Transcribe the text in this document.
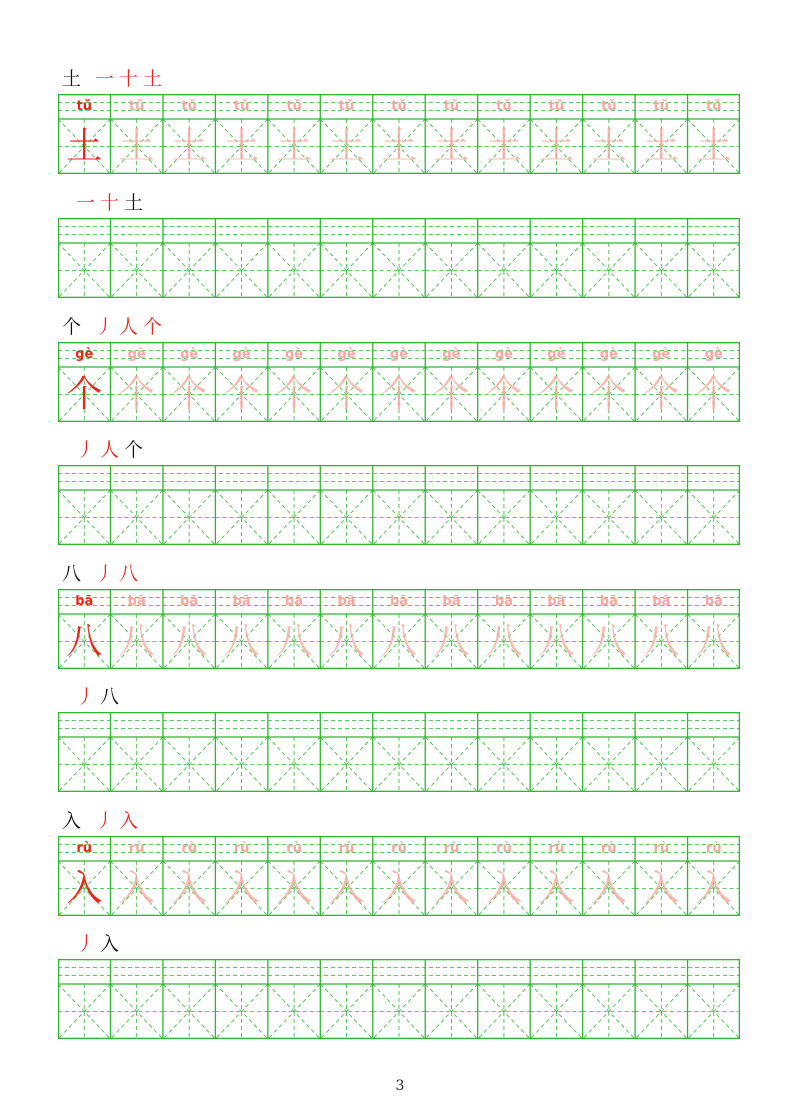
土 一 十 土
tǔ
土
tǔ
土
tǔ
土
tǔ
土
tǔ
土
tǔ
土
tǔ
土
tǔ
土
tǔ
土
tǔ
土
tǔ
土
tǔ
土
tǔ
土
一 十 土
个 丿 人 个
gè
个
gè
个
gè
个
gè
个
gè
个
gè
个
gè
个
gè
个
gè
个
gè
个
gè
个
gè
个
gè
个
丿 人 个
八 丿 八
bā
八
bā
八
bā
八
bā
八
bā
八
bā
八
bā
八
bā
八
bā
八
bā
八
bā
八
bā
八
bā
八
丿 八
入 丿 入
rù
入
rù
入
rù
入
rù
入
rù
入
rù
入
rù
入
rù
入
rù
入
rù
入
rù
入
rù
入
rù
入
丿 入
3
